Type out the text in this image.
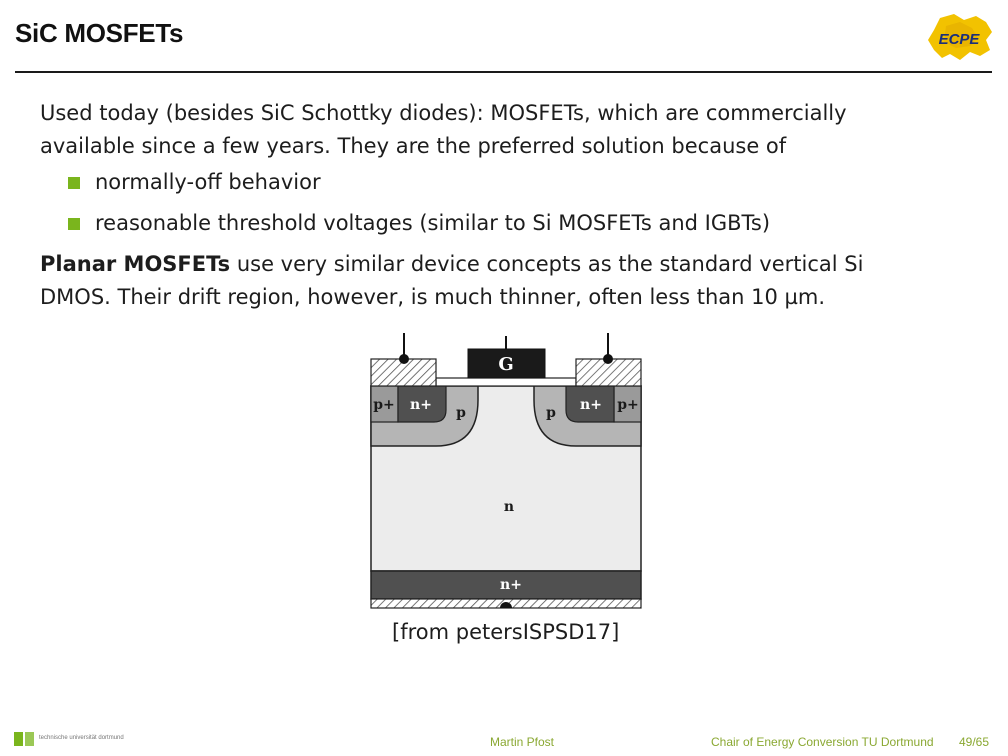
SiC MOSFETs	ECPE

Used today (besides SiC Schottky diodes): MOSFETs, which are commercially available since a few years. They are the preferred solution because of

normally-off behavior
reasonable threshold voltages (similar to Si MOSFETs and IGBTs)

Planar MOSFETs use very similar device concepts as the standard vertical Si DMOS. Their drift region, however, is much thinner, often less than 10 µm.

G
p+ n+ p	p n+ p+
n
n+
[from petersISPSD17]
technische universität dortmund	Martin Pfost	Chair of Energy Conversion TU Dortmund 49/65
